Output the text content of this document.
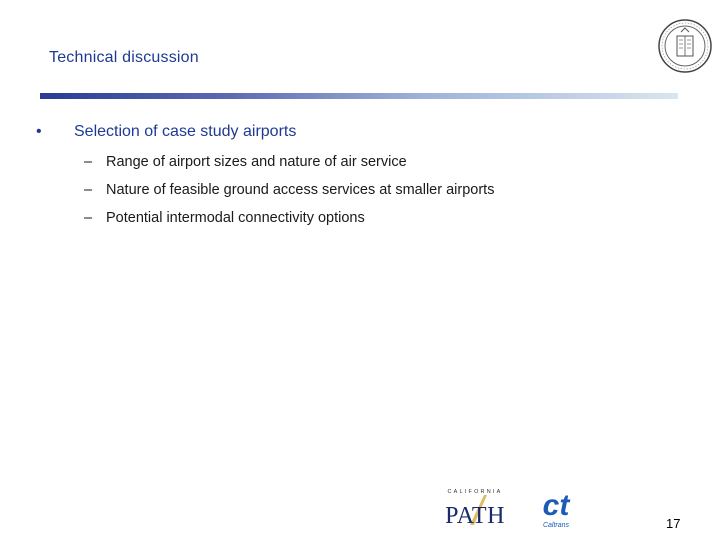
Technical discussion
• Selection of case study airports
– Range of airport sizes and nature of air service
– Nature of feasible ground access services at smaller airports
– Potential intermodal connectivity options
CALIFORNIA
PATH ct
Caltrans	17
